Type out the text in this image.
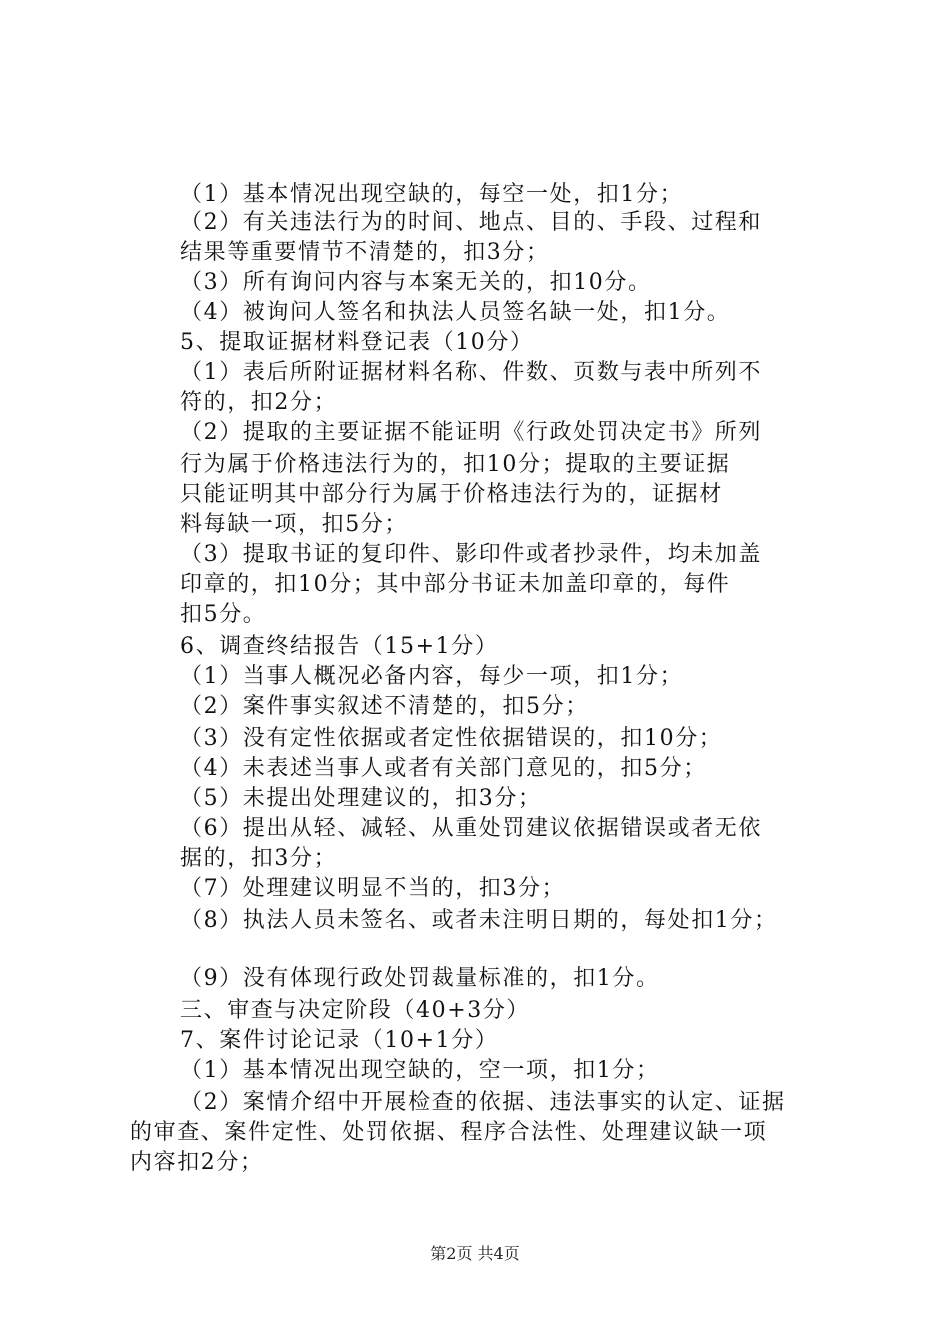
（1）基本情况出现空缺的，每空一处，扣1分；
（2）有关违法行为的时间、地点、目的、手段、过程和
结果等重要情节不清楚的，扣3分；
（3）所有询问内容与本案无关的，扣10分。
（4）被询问人签名和执法人员签名缺一处，扣1分。
5、提取证据材料登记表（10分）
（1）表后所附证据材料名称、件数、页数与表中所列不
符的，扣2分；
（2）提取的主要证据不能证明《行政处罚决定书》所列
行为属于价格违法行为的，扣10分；提取的主要证据
只能证明其中部分行为属于价格违法行为的，证据材
料每缺一项，扣5分；
（3）提取书证的复印件、影印件或者抄录件，均未加盖
印章的，扣10分；其中部分书证未加盖印章的，每件
扣5分。
6、调查终结报告（15+1分）
（1）当事人概况必备内容，每少一项，扣1分；
（2）案件事实叙述不清楚的，扣5分；
（3）没有定性依据或者定性依据错误的，扣10分；
（4）未表述当事人或者有关部门意见的，扣5分；
（5）未提出处理建议的，扣3分；
（6）提出从轻、减轻、从重处罚建议依据错误或者无依
据的，扣3分；
（7）处理建议明显不当的，扣3分；
（8）执法人员未签名、或者未注明日期的，每处扣1分；
（9）没有体现行政处罚裁量标准的，扣1分。
三、审查与决定阶段（40+3分）
7、案件讨论记录（10+1分）
（1）基本情况出现空缺的，空一项，扣1分；
（2）案情介绍中开展检查的依据、违法事实的认定、证据
的审查、案件定性、处罚依据、程序合法性、处理建议缺一项
内容扣2分；
第2页 共4页
